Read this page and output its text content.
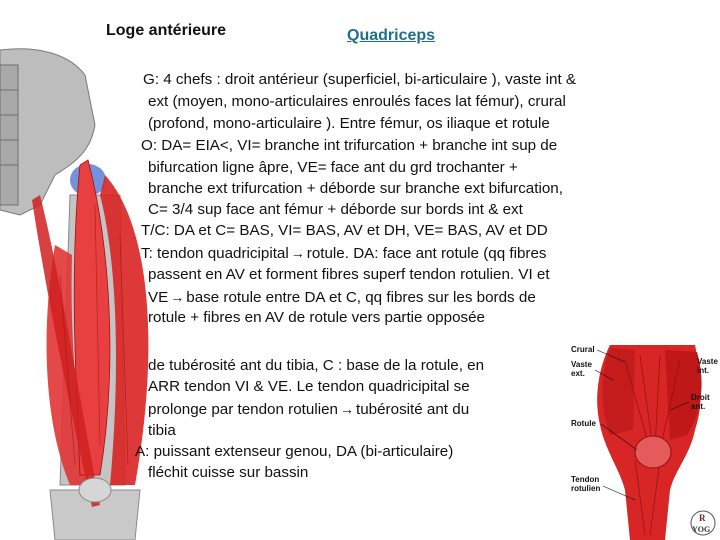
Loge antérieure	Quadriceps
G: 4 chefs : droit antérieur (superficiel, bi-articulaire ), vaste int &
ext (moyen, mono-articulaires enroulés faces lat fémur), crural
(profond, mono-articulaire ). Entre fémur, os iliaque et rotule
O: DA= EIA<, VI= branche int trifurcation + branche int sup de
bifurcation ligne âpre, VE= face ant du grd trochanter +
branche ext trifurcation + déborde sur branche ext bifurcation,
C= 3/4 sup face ant fémur + déborde sur bords int & ext
T/C: DA et C= BAS, VI= BAS, AV et DH, VE= BAS, AV et DD
T: tendon quadricipital → rotule. DA: face ant rotule (qq fibres
passent en AV et forment fibres superf tendon rotulien. VI et
VE → base rotule entre DA et C, qq fibres sur les bords de
rotule + fibres en AV de rotule vers partie opposée
de tubérosité ant du tibia, C : base de la rotule, en
ARR tendon VI & VE. Le tendon quadricipital se
prolonge par tendon rotulien → tubérosité ant du
tibia
A: puissant extenseur genou, DA (bi-articulaire)
fléchit cuisse sur bassin
Crural
Vaste
ext.
Vaste
int.
Droit
ant.
Rotule
Tendon
rotulien
R
YOG
